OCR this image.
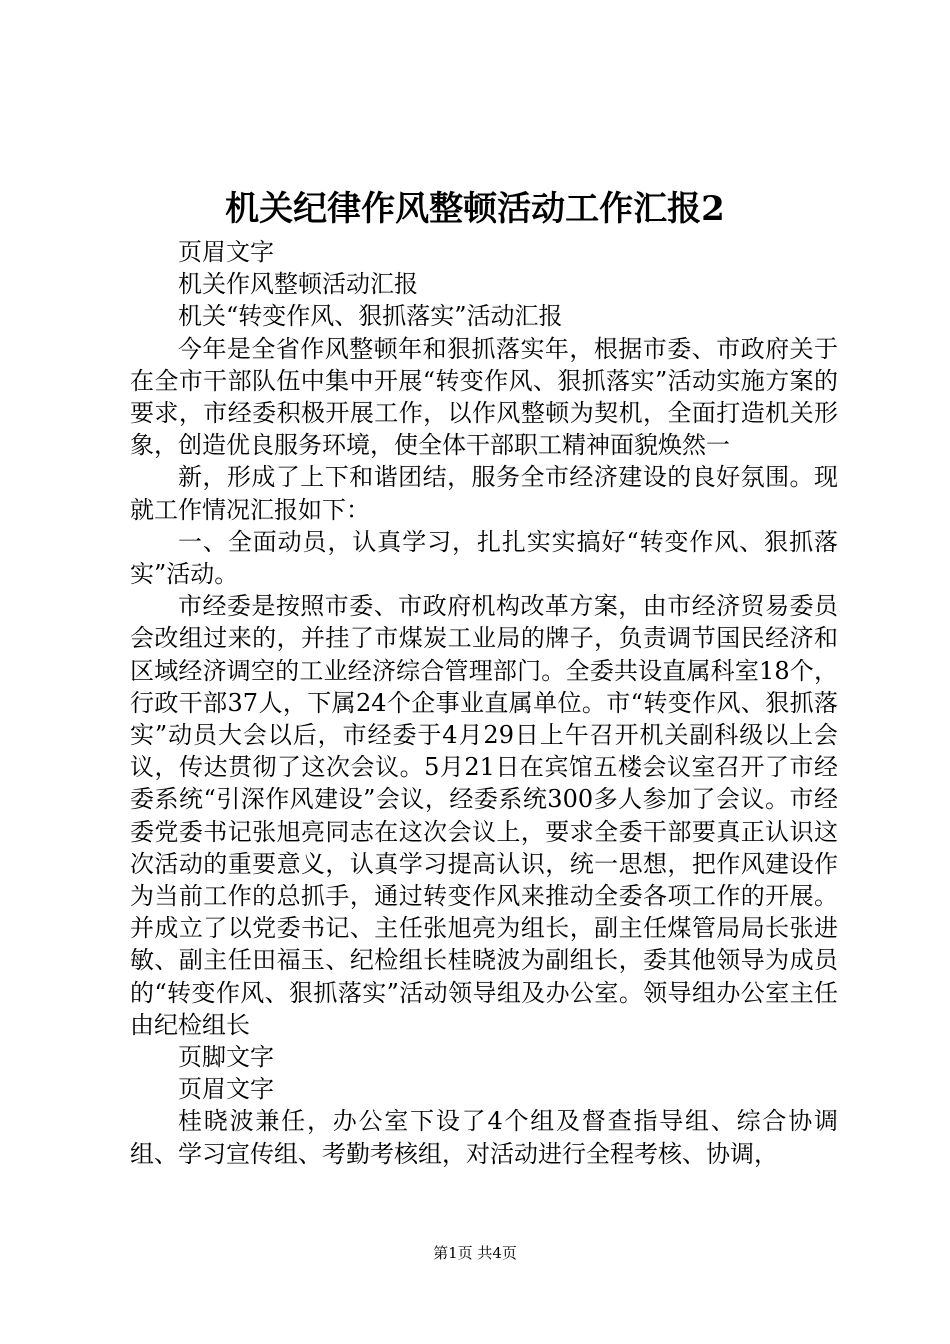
机关纪律作风整顿活动工作汇报2

页眉文字

机关作风整顿活动汇报

机关“转变作风、狠抓落实”活动汇报

今年是全省作风整顿年和狠抓落实年，根据市委、市政府关于在全市干部队伍中集中开展“转变作风、狠抓落实”活动实施方案的要求，市经委积极开展工作，以作风整顿为契机，全面打造机关形象，创造优良服务环境，使全体干部职工精神面貌焕然一

新，形成了上下和谐团结，服务全市经济建设的良好氛围。现就工作情况汇报如下：

一、全面动员，认真学习，扎扎实实搞好“转变作风、狠抓落实”活动。

市经委是按照市委、市政府机构改革方案，由市经济贸易委员会改组过来的，并挂了市煤炭工业局的牌子，负责调节国民经济和区域经济调空的工业经济综合管理部门。全委共设直属科室18个，行政干部37人，下属24个企事业直属单位。市“转变作风、狠抓落实”动员大会以后，市经委于4月29日上午召开机关副科级以上会议，传达贯彻了这次会议。5月21日在宾馆五楼会议室召开了市经委系统“引深作风建设”会议，经委系统300多人参加了会议。市经委党委书记张旭亮同志在这次会议上，要求全委干部要真正认识这次活动的重要意义，认真学习提高认识，统一思想，把作风建设作为当前工作的总抓手，通过转变作风来推动全委各项工作的开展。并成立了以党委书记、主任张旭亮为组长，副主任煤管局局长张进敏、副主任田福玉、纪检组长桂晓波为副组长，委其他领导为成员的“转变作风、狠抓落实”活动领导组及办公室。领导组办公室主任由纪检组长

页脚文字

页眉文字

桂晓波兼任，办公室下设了4个组及督查指导组、综合协调组、学习宣传组、考勤考核组，对活动进行全程考核、协调，

第1页 共4页
